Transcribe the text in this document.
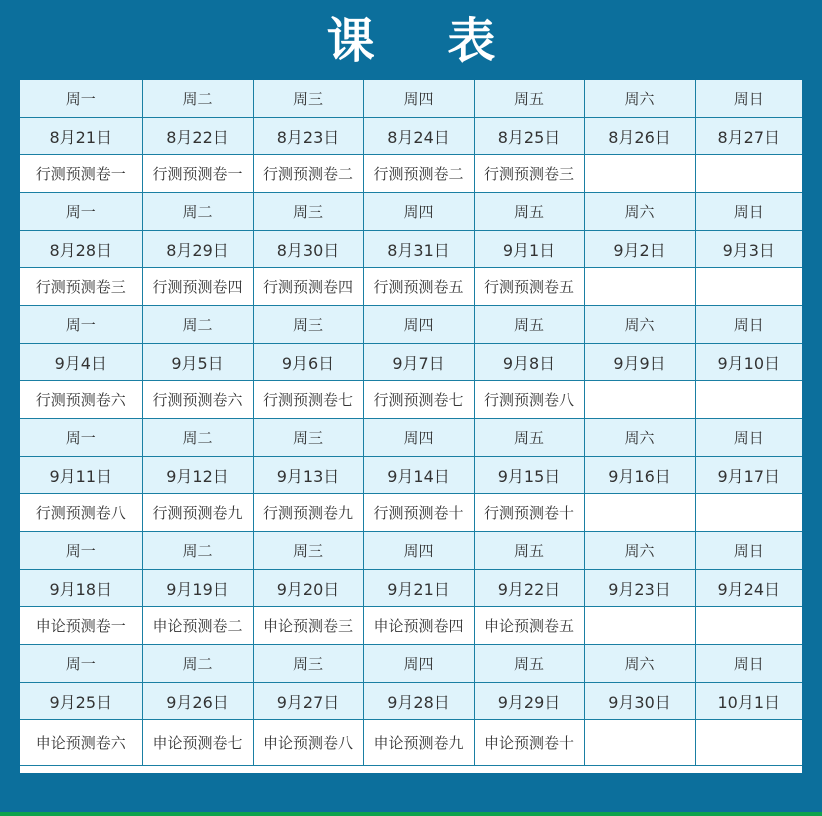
课 表
周一	周二	周三	周四	周五	周六	周日
8月21日	8月22日	8月23日	8月24日	8月25日	8月26日	8月27日
行测预测卷一	行测预测卷一	行测预测卷二	行测预测卷二	行测预测卷三		
周一	周二	周三	周四	周五	周六	周日
8月28日	8月29日	8月30日	8月31日	9月1日	9月2日	9月3日
行测预测卷三	行测预测卷四	行测预测卷四	行测预测卷五	行测预测卷五		
周一	周二	周三	周四	周五	周六	周日
9月4日	9月5日	9月6日	9月7日	9月8日	9月9日	9月10日
行测预测卷六	行测预测卷六	行测预测卷七	行测预测卷七	行测预测卷八		
周一	周二	周三	周四	周五	周六	周日
9月11日	9月12日	9月13日	9月14日	9月15日	9月16日	9月17日
行测预测卷八	行测预测卷九	行测预测卷九	行测预测卷十	行测预测卷十		
周一	周二	周三	周四	周五	周六	周日
9月18日	9月19日	9月20日	9月21日	9月22日	9月23日	9月24日
申论预测卷一	申论预测卷二	申论预测卷三	申论预测卷四	申论预测卷五		
周一	周二	周三	周四	周五	周六	周日
9月25日	9月26日	9月27日	9月28日	9月29日	9月30日	10月1日
申论预测卷六	申论预测卷七	申论预测卷八	申论预测卷九	申论预测卷十		
